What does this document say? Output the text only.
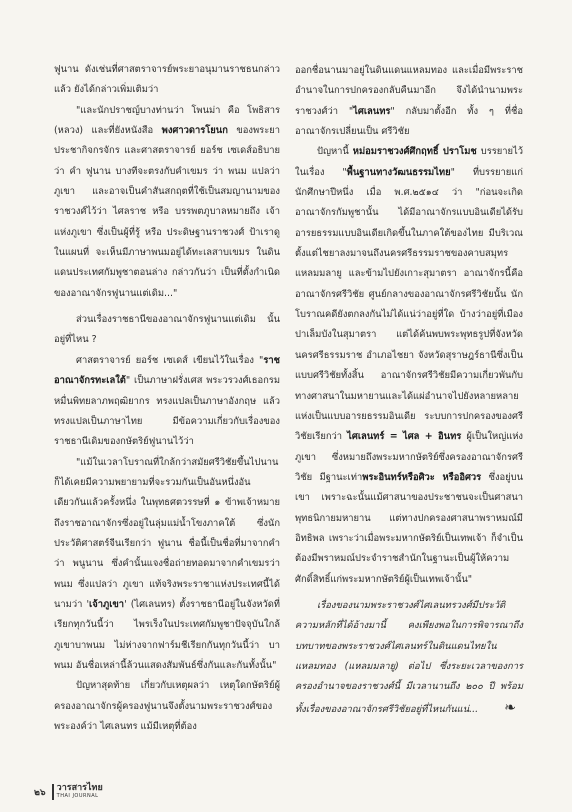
ฟูนาน ดังเช่นที่ศาสตราจารย์พระยาอนุมานราชธนกล่าวแล้ว ยังได้กล่าวเพิ่มเติมว่า

"และนักปราชญ์บางท่านว่า โพนม่า คือ โพธิสาร (หลวง) และที่ยังหนังสือ พงศาวดารโยนก ของพระยาประชากิจกรจักร และศาสตราจารย์ ยอร์ช เซเดส์อธิบายว่า คำ ฟูนาน บางทีจะตรงกับคำเขมร ว่า พนม แปลว่า ภูเขา และอาจเป็นคำสันสกฤตที่ใช้เป็นสมญานามของราชวงศ์ไว้ว่า ไศลราช หรือ บรรพตภูบาลหมายถึง เจ้าแห่งภูเขา ซึ่งเป็นผู้ที่รู้ หรือ ประดิษฐานราชวงศ์ ป้าเราดูในแผนที่ จะเห็นมีภาษาพนมอยู่ได้ทะเลสาบเขมร ในดินแดนประเทศกัมพูชาตอนล่าง กล่าวกันว่า เป็นที่ตั้งกำเนิดของอาณาจักรฟูนานแต่เดิม..."

ส่วนเรื่องราชธานีของอาณาจักรฟูนานแต่เดิม นั้นอยู่ที่ไหน ?

ศาสตราจารย์ ยอร์ช เซเดส์ เขียนไว้ในเรื่อง "ราชอาณาจักรทะเลใต้" เป็นภาษาฝรั่งเศส พระวรวงศ์เธอกรมหมื่นพิทยลาภพฤฒิยากร ทรงแปลเป็นภาษาอังกฤษ แล้วทรงแปลเป็นภาษาไทย มีข้อความเกี่ยวกับเรื่องของราชธานีเดิมของกษัตริย์ฟูนานไว้ว่า

"แม้ในเวลาโบราณที่ใกล้กว่าสมัยศรีวิชัยขึ้นไปนาน ก็ได้เคยมีความพยายามที่จะรวมกันเป็นอันหนึ่งอันเดียวกันแล้วครั้งหนึ่ง ในพุทธศตวรรษที่ ๑ ข้าพเจ้าหมายถึงราชอาณาจักรซึ่งอยู่ในลุ่มแม่น้ำโขงภาคใต้ ซึ่งนักประวัติศาสตร์จีนเรียกว่า ฟูนาน ชื่อนี้เป็นชื่อที่มาจากคำว่า พนูนาน ซึ่งคำนั้นแจงชื่อถ่ายทอดมาจากคำเขมรว่า พนม ซึ่งแปลว่า ภูเขา แท้จริงพระราชาแห่งประเทศนี้ได้นามว่า 'เจ้าภูเขา' (ไศเลนทร) ตั้งราชธานีอยู่ในจังหวัดที่เรียกทุกวันนี้ว่า ไพรเร็งในประเทศกัมพูชาปัจจุบันใกล้ภูเขาบาพนม ไม่ห่างจากฟาร์มชีเรียกกันทุกวันนี้ว่า บาพนม อันชื่อเหล่านี้ล้วนแสดงสัมพันธ์ซึ่งกันและกันทั้งนั้น"

ปัญหาสุดท้าย เกี่ยวกับเหตุผลว่า เหตุใดกษัตริย์ผู้ครองอาณาจักรผู้ครองฟูนานจึงตั้งนามพระราชวงศ์ของพระองค์ว่า ไศเลนทร แม้มีเหตุที่ต้อง

ออกชื่อนานมาอยู่ในดินแดนแหลมทอง และเมื่อมีพระราชอำนาจในการปกครองกลับคืนมาอีก จึงได้นำนามพระราชวงศ์ว่า "ไศเลนทร" กลับมาตั้งอีก ทั้ง ๆ ที่ชื่ออาณาจักรเปลี่ยนเป็น ศรีวิชัย

ปัญหานี้ หม่อมราชวงศ์ศึกฤทธิ์ ปราโมช บรรยายไว้ในเรื่อง "พื้นฐานทางวัฒนธรรมไทย" ที่บรรยายแก่นักศึกษาปีหนึ่ง เมื่อ พ.ศ.๒๕๑๔ ว่า "ก่อนจะเกิดอาณาจักรกัมพูชานั้น ได้มีอาณาจักรแบบอินเดียได้รับอารยธรรมแบบอินเดียเกิดขึ้นในภาคใต้ของไทย มีบริเวณตั้งแต่ไชยาลงมาจนถึงนครศรีธรรมราชของคาบสมุทรแหลมมลายู และข้ามไปยังเกาะสุมาตรา อาณาจักรนี้คือ อาณาจักรศรีวิชัย ศูนย์กลางของอาณาจักรศรีวิชัยนั้น นักโบราณคดียังตกลงกันไม่ได้แน่ว่าอยู่ที่ใด บ้างว่าอยู่ที่เมืองปาเล็มบังในสุมาตรา แต่ได้ค้นพบพระพุทธรูปที่จังหวัดนครศรีธรรมราช อำเภอไชยา จังหวัดสุราษฎร์ธานีซึ่งเป็นแบบศรีวิชัยทั้งสิ้น อาณาจักรศรีวิชัยมีความเกี่ยวพันกับทางศาสนาในมหายานและได้แผ่อำนาจไปยังหลายหลายแห่งเป็นแบบอารยธรรมอินเดีย ระบบการปกครองของศรีวิชัยเรียกว่า ไศเลนทร์ = ไศล + อินทร ผู้เป็นใหญ่แห่งภูเขา ซึ่งหมายถึงพระมหากษัตริย์ซึ่งครองอาณาจักรศรีวิชัย มีฐานะเท่าพระอินทร์หรือศิวะ หรืออิศวร ซึ่งอยู่บนเขา เพราะฉะนั้นแม้ศาสนาของประชาชนจะเป็นศาสนาพุทธนิกายมหายาน แต่ทางปกครองศาสนาพราหมณ์มีอิทธิพล เพราะว่าเมื่อพระมหากษัตริย์เป็นเทพเจ้า ก็จำเป็นต้องมีพราหมณ์ประจำราชสำนักในฐานะเป็นผู้ให้ความศักดิ์สิทธิ์แก่พระมหากษัตริย์ผู้เป็นเทพเจ้านั้น"

เรื่องของนามพระราชวงศ์ไศเลนทรวงศ์มีประวัติความหลักที่ได้อ้างมานี้ คงเพียงพอในการพิจารณาถึงบทบาทของพระราชวงศ์ไศเลนทร์ในดินแดนไทยในแหลมทอง (แหลมมลายู) ต่อไป ซึ่งระยะเวลาของการครองอำนาจของราชวงศ์นี้ มีเวลานานถึง ๒๐๐ ปี พร้อมทั้งเรื่องของอาณาจักรศรีวิชัยอยู่ที่ไหนกันแน่... ❧

๒๖ วารสารไทย
THAI JOURNAL
